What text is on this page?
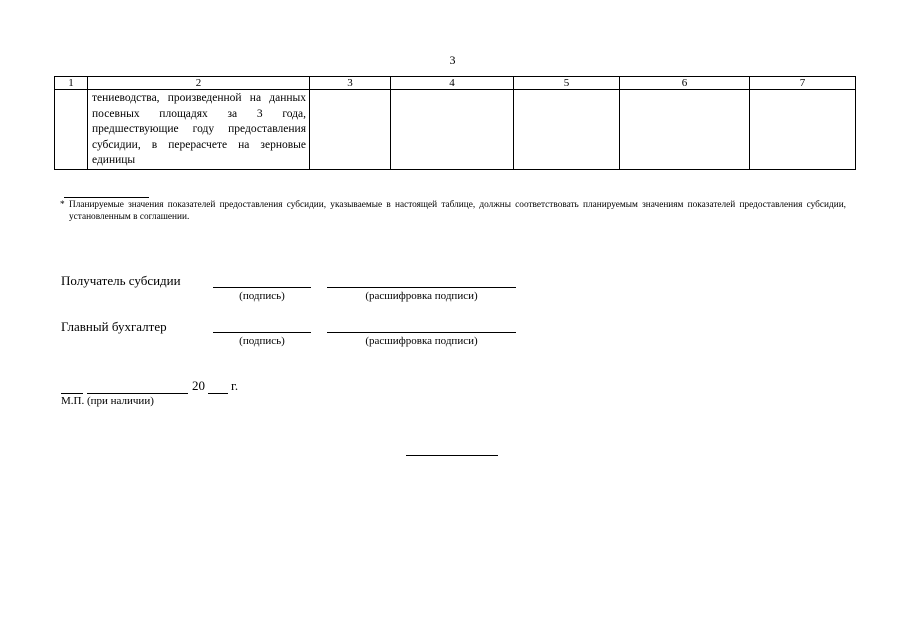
3
1	2	3	4	5	6	7

	тениеводства, произведенной на данных посевных площадях за 3 года, предшествующие году предоставления субсидии, в перерасчете на зерновые единицы					

* Планируемые значения показателей предоставления субсидии, указываемые в настоящей таблице, должны соответствовать планируемым значениям показателей предоставления субсидии, установленным в соглашении.
Получатель субсидии
(подпись)	(расшифровка подписи)
Главный бухгалтер
(подпись)	(расшифровка подписи)
20 г.
М.П. (при наличии)
